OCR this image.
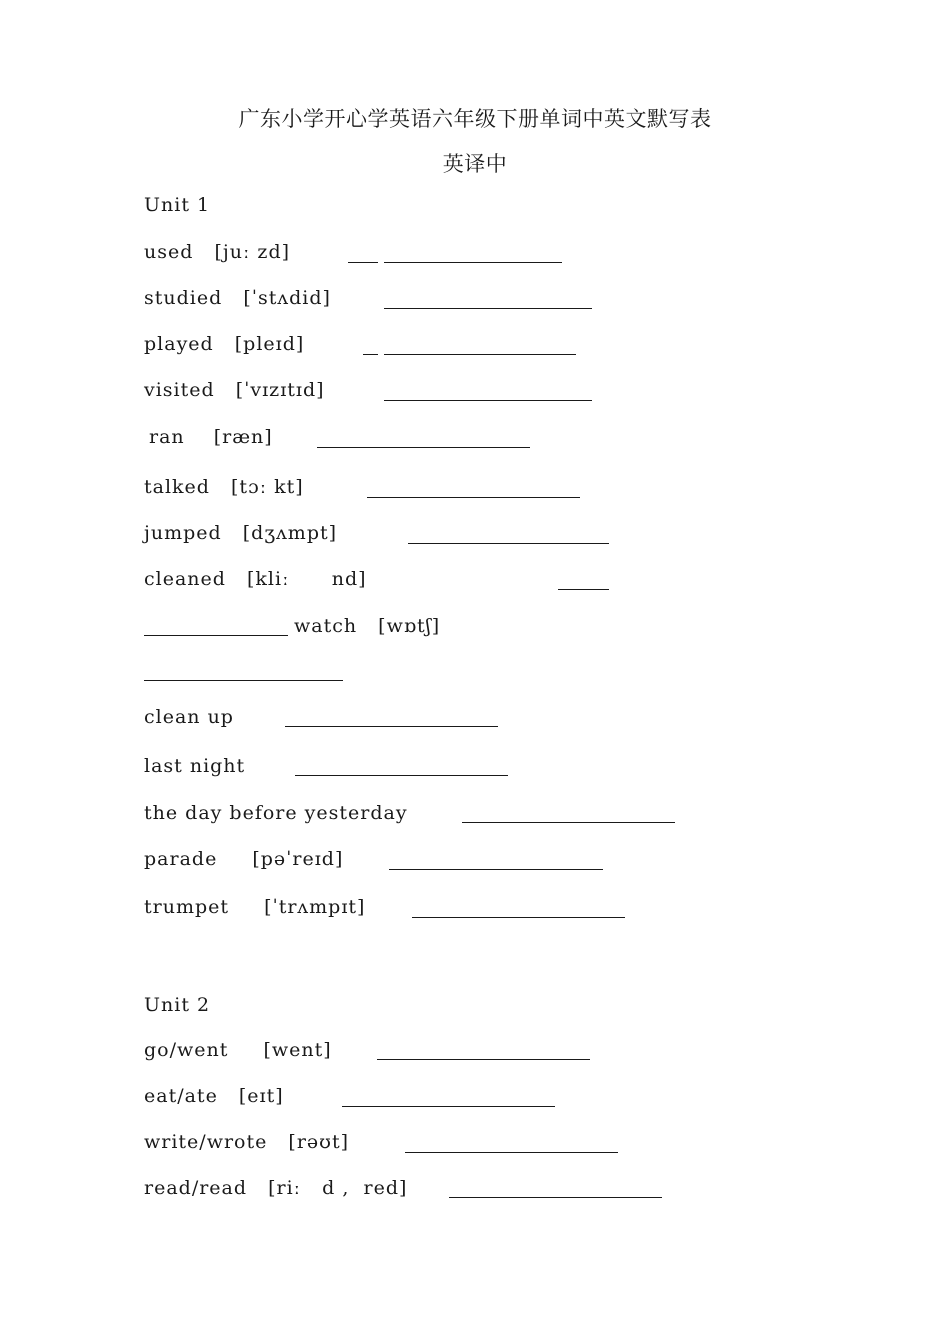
广东小学开心学英语六年级下册单词中英文默写表
英译中
Unit 1
used [juː zd]
studied [ˈstʌdid]
played [pleɪd]
visited [ˈvɪzɪtɪd]
ran [ræn]
talked [tɔː kt]
jumped [dʒʌmpt]
cleaned [kliː      nd]
watch [wɒtʃ]
clean up
last night
the day before yesterday
parade [pəˈreɪd]
trumpet [ˈtrʌmpɪt]
Unit 2
go/went [went]
eat/ate [eɪt]
write/wrote [rəʊt]
read/read [riː   d ,  red]
